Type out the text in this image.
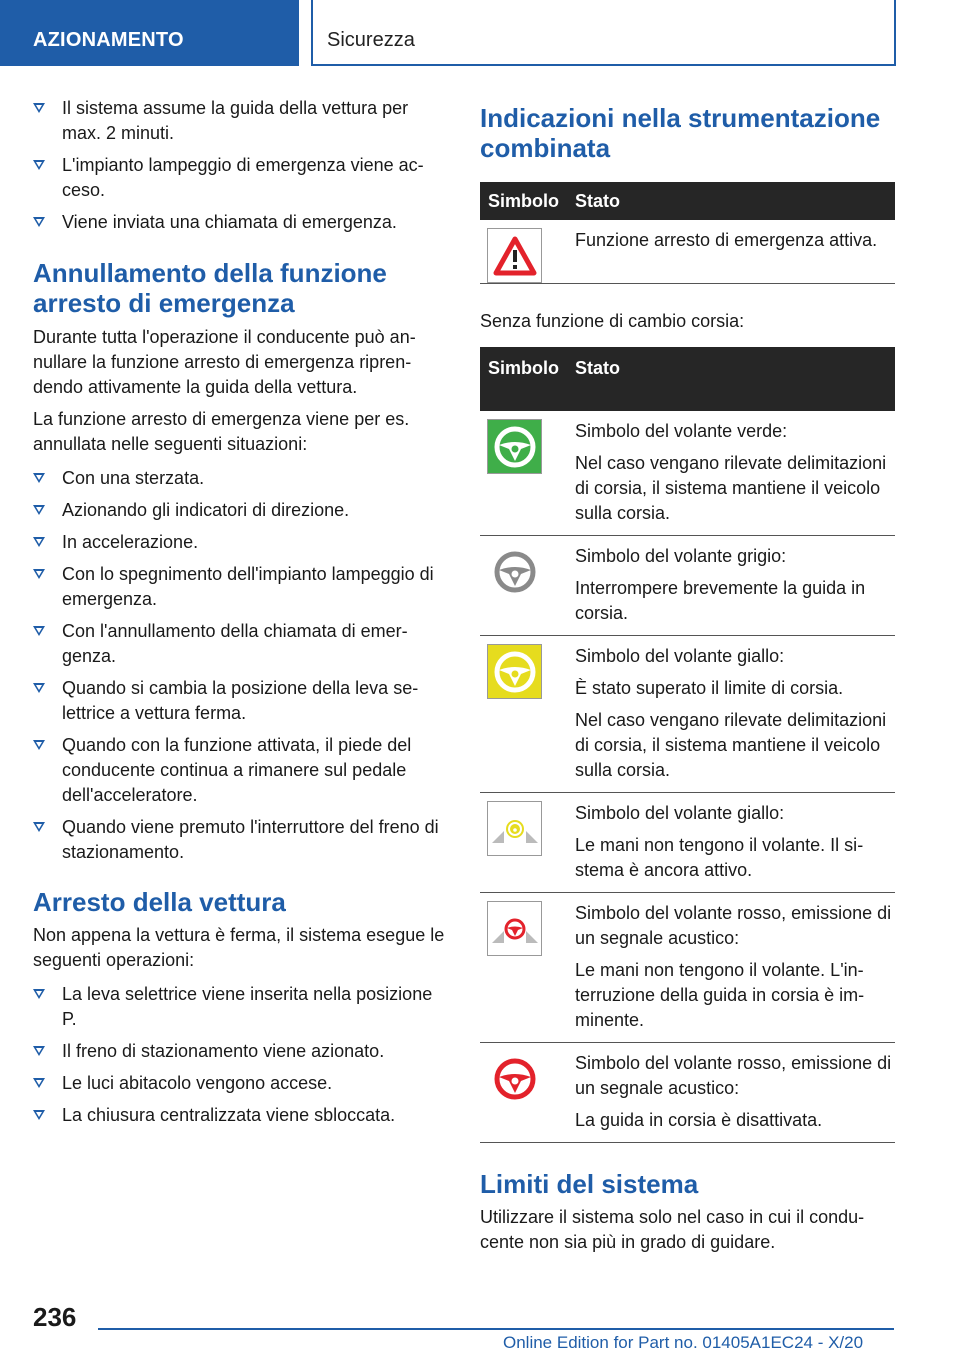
AZIONAMENTO	Sicurezza
Il sistema assume la guida della vettura per max. 2 minuti.
L'impianto lampeggio di emergenza viene acceso.
Viene inviata una chiamata di emergenza.
Annullamento della funzione arresto di emergenza

Durante tutta l'operazione il conducente può annullare la funzione arresto di emergenza riprendendo attivamente la guida della vettura.

La funzione arresto di emergenza viene per es. annullata nelle seguenti situazioni:

Con una sterzata.
Azionando gli indicatori di direzione.
In accelerazione.
Con lo spegnimento dell'impianto lampeggio di emergenza.
Con l'annullamento della chiamata di emergenza.
Quando si cambia la posizione della leva selettrice a vettura ferma.
Quando con la funzione attivata, il piede del conducente continua a rimanere sul pedale dell'acceleratore.
Quando viene premuto l'interruttore del freno di stazionamento.
Arresto della vettura

Non appena la vettura è ferma, il sistema esegue le seguenti operazioni:

La leva selettrice viene inserita nella posizione P.
Il freno di stazionamento viene azionato.
Le luci abitacolo vengono accese.
La chiusura centralizzata viene sbloccata.
Indicazioni nella strumentazione combinata
Simbolo Stato

Funzione arresto di emergenza attiva.

Senza funzione di cambio corsia:

Simbolo Stato

Simbolo del volante verde:

Nel caso vengano rilevate delimitazioni di corsia, il sistema mantiene il veicolo sulla corsia.

Simbolo del volante grigio:

Interrompere brevemente la guida in corsia.

Simbolo del volante giallo:

È stato superato il limite di corsia.

Nel caso vengano rilevate delimitazioni di corsia, il sistema mantiene il veicolo sulla corsia.

Simbolo del volante giallo:

Le mani non tengono il volante. Il sistema è ancora attivo.

Simbolo del volante rosso, emissione di un segnale acustico:

Le mani non tengono il volante. L'interruzione della guida in corsia è imminente.

Simbolo del volante rosso, emissione di un segnale acustico:

La guida in corsia è disattivata.

Limiti del sistema

Utilizzare il sistema solo nel caso in cui il conducente non sia più in grado di guidare.

236
Online Edition for Part no. 01405A1EC24 - X/20
